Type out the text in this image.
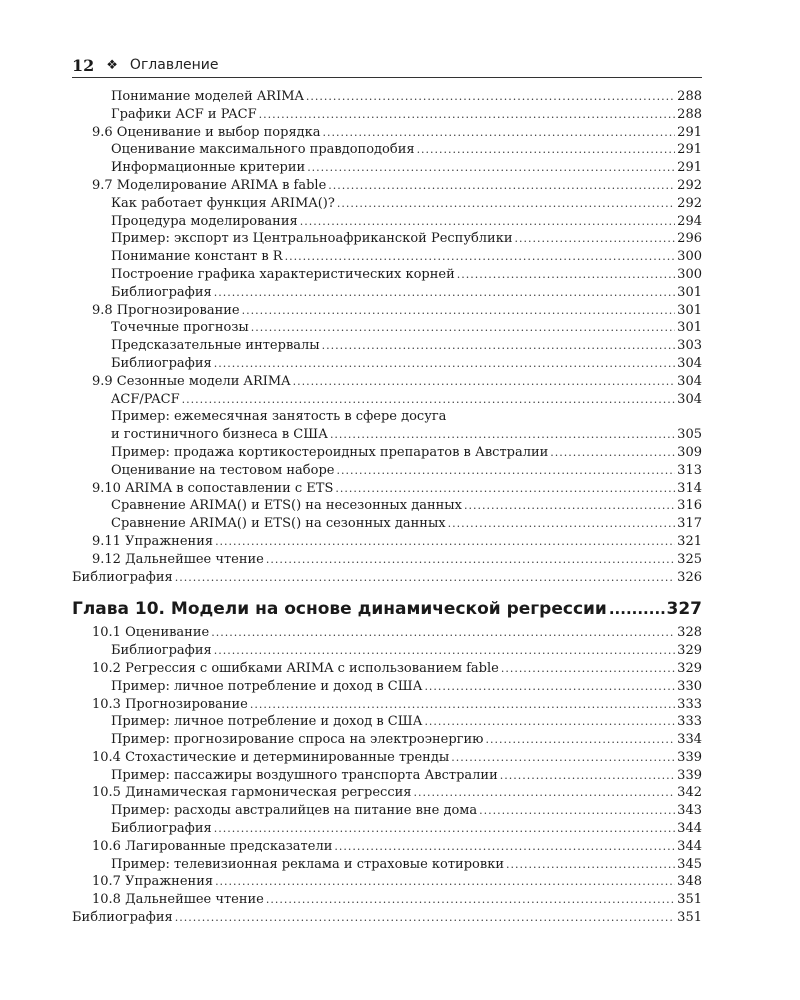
12 ❖ Оглавление
Понимание моделей ARIMA .....	288
Графики ACF и PACF .....	288
9.6 Оценивание и выбор порядка .....	291
Оценивание максимального правдоподобия .....	291
Информационные критерии .....	291
9.7 Моделирование ARIMA в fable .....	292
Как работает функция ARIMA()? .....	292
Процедура моделирования .....	294
Пример: экспорт из Центральноафриканской Республики .....	296
Понимание констант в R .....	300
Построение графика характеристических корней .....	300
Библиография .....	301
9.8 Прогнозирование .....	301
Точечные прогнозы .....	301
Предсказательные интервалы .....	303
Библиография .....	304
9.9 Сезонные модели ARIMA .....	304
ACF/PACF .....	304
Пример: ежемесячная занятость в сфере досуга
и гостиничного бизнеса в США .....	305
Пример: продажа кортикостероидных препаратов в Австралии .....	309
Оценивание на тестовом наборе .....	313
9.10 ARIMA в сопоставлении с ETS .....	314
Сравнение ARIMA() и ETS() на несезонных данных .....	316
Сравнение ARIMA() и ETS() на сезонных данных .....	317
9.11 Упражнения .....	321
9.12 Дальнейшее чтение .....	325
Библиография .....	326
Глава 10. Модели на основе динамической регрессии .....	327
10.1 Оценивание .....	328
Библиография .....	329
10.2 Регрессия с ошибками ARIMA с использованием fable .....	329
Пример: личное потребление и доход в США .....	330
10.3 Прогнозирование .....	333
Пример: личное потребление и доход в США .....	333
Пример: прогнозирование спроса на электроэнергию .....	334
10.4 Стохастические и детерминированные тренды .....	339
Пример: пассажиры воздушного транспорта Австралии .....	339
10.5 Динамическая гармоническая регрессия .....	342
Пример: расходы австралийцев на питание вне дома .....	343
Библиография .....	344
10.6 Лагированные предсказатели .....	344
Пример: телевизионная реклама и страховые котировки .....	345
10.7 Упражнения .....	348
10.8 Дальнейшее чтение .....	351
Библиография .....	351
